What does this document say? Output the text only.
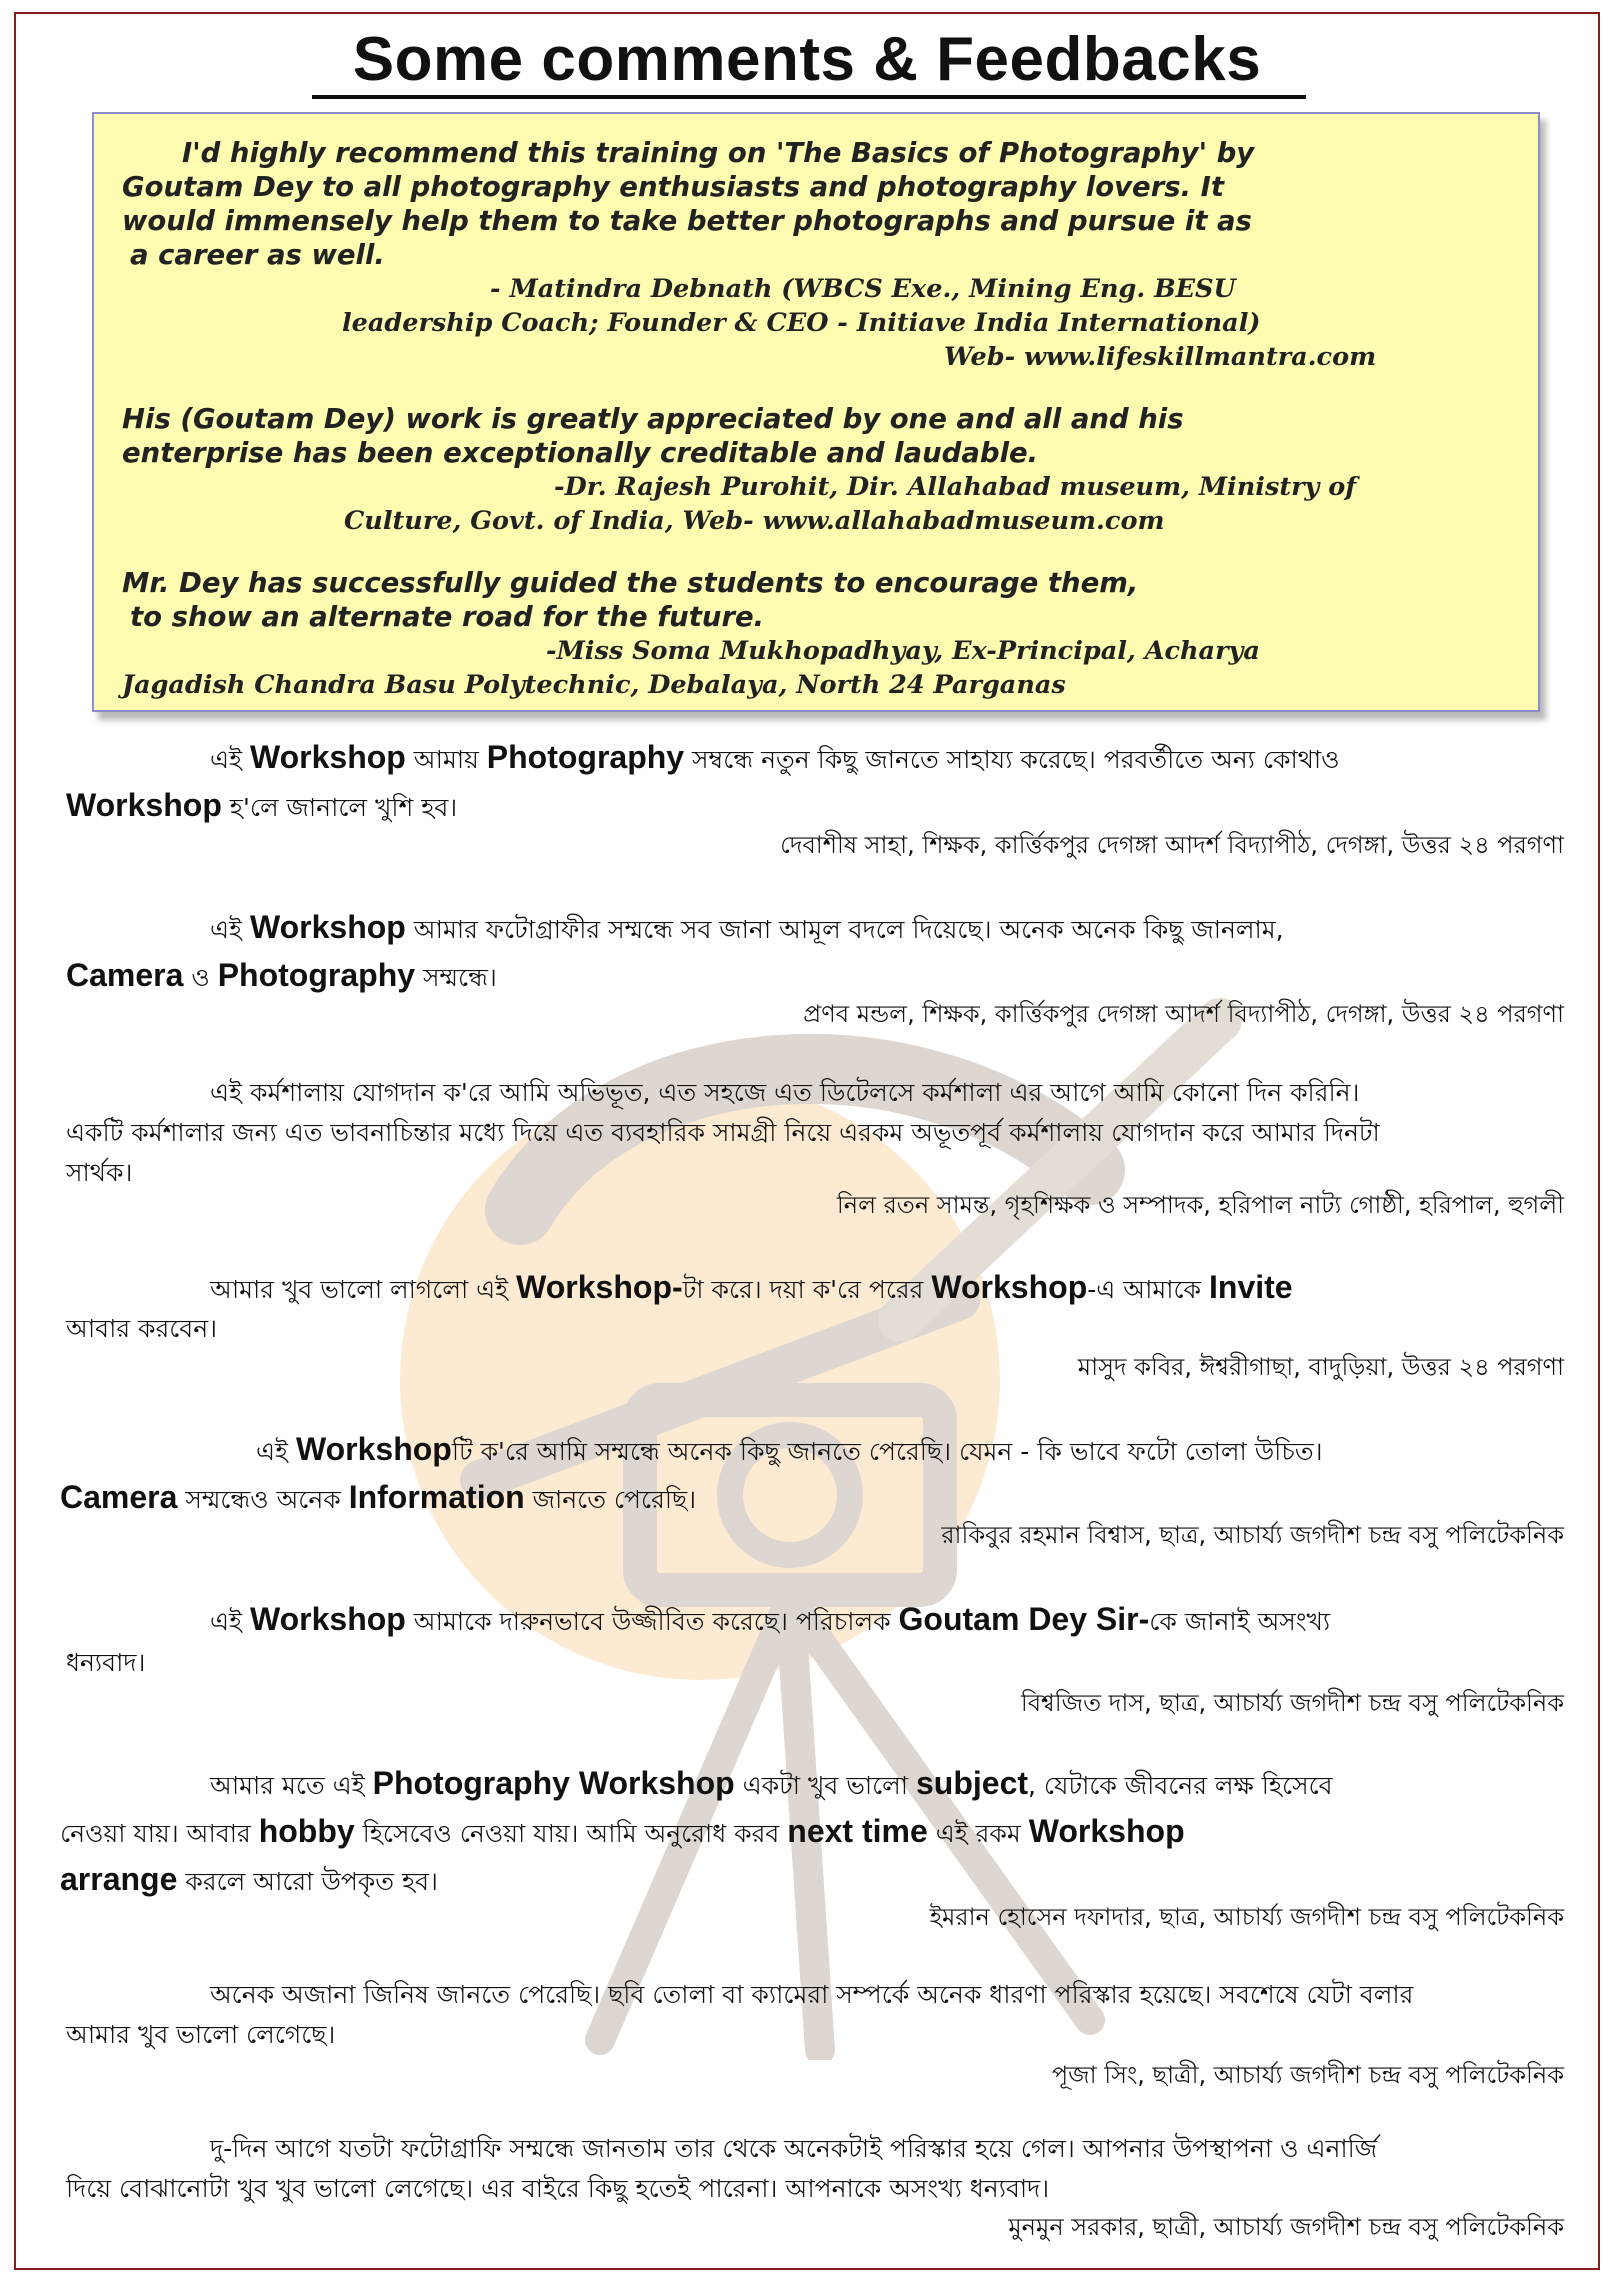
Some comments & Feedbacks
I'd highly recommend this training on 'The Basics of Photography' by
Goutam Dey to all photography enthusiasts and photography lovers. It
would immensely help them to take better photographs and pursue it as
a career as well.
- Matindra Debnath (WBCS Exe., Mining Eng. BESU
leadership Coach; Founder & CEO - Initiave India International)
Web- www.lifeskillmantra.com
His (Goutam Dey) work is greatly appreciated by one and all and his
enterprise has been exceptionally creditable and laudable.
-Dr. Rajesh Purohit, Dir. Allahabad museum, Ministry of
Culture, Govt. of India, Web- www.allahabadmuseum.com
Mr. Dey has successfully guided the students to encourage them,
to show an alternate road for the future.
-Miss Soma Mukhopadhyay, Ex-Principal, Acharya
Jagadish Chandra Basu Polytechnic, Debalaya, North 24 Parganas
এই Workshop আমায় Photography সম্বন্ধে নতুন কিছু জানতে সাহায্য করেছে। পরবর্তীতে অন্য কোথাও
Workshop হ'লে জানালে খুশি হব।
দেবাশীষ সাহা, শিক্ষক, কার্ত্তিকপুর দেগঙ্গা আদর্শ বিদ্যাপীঠ, দেগঙ্গা, উত্তর ২৪ পরগণা
এই Workshop আমার ফটোগ্রাফীর সম্মন্ধে সব জানা আমূল বদলে দিয়েছে। অনেক অনেক কিছু জানলাম,
Camera ও Photography সম্মন্ধে।
প্রণব মন্ডল, শিক্ষক, কার্ত্তিকপুর দেগঙ্গা আদর্শ বিদ্যাপীঠ, দেগঙ্গা, উত্তর ২৪ পরগণা
এই কর্মশালায় যোগদান ক'রে আমি অভিভূত, এত সহজে এত ডিটেলসে কর্মশালা এর আগে আমি কোনো দিন করিনি।
একটি কর্মশালার জন্য এত ভাবনাচিন্তার মধ্যে দিয়ে এত ব্যবহারিক সামগ্রী নিয়ে এরকম অভূতপূর্ব কর্মশালায় যোগদান করে আমার দিনটা
সার্থক।
নিল রতন সামন্ত, গৃহশিক্ষক ও সম্পাদক, হরিপাল নাট্য গোষ্ঠী, হরিপাল, হুগলী
আমার খুব ভালো লাগলো এই Workshop-টা করে। দয়া ক'রে পরের Workshop-এ আমাকে Invite
আবার করবেন।
মাসুদ কবির, ঈশ্বরীগাছা, বাদুড়িয়া, উত্তর ২৪ পরগণা
এই Workshopটি ক'রে আমি সম্মন্ধে অনেক কিছু জানতে পেরেছি। যেমন - কি ভাবে ফটো তোলা উচিত।
Camera সম্মন্ধেও অনেক Information জানতে পেরেছি।
রাকিবুর রহমান বিশ্বাস, ছাত্র, আচার্য্য জগদীশ চন্দ্র বসু পলিটেকনিক
এই Workshop আমাকে দারুনভাবে উজ্জীবিত করেছে। পরিচালক Goutam Dey Sir-কে জানাই অসংখ্য
ধন্যবাদ।
বিশ্বজিত দাস, ছাত্র, আচার্য্য জগদীশ চন্দ্র বসু পলিটেকনিক
আমার মতে এই Photography Workshop একটা খুব ভালো subject, যেটাকে জীবনের লক্ষ হিসেবে
নেওয়া যায়। আবার hobby হিসেবেও নেওয়া যায়। আমি অনুরোধ করব next time এই রকম Workshop
arrange করলে আরো উপকৃত হব।
ইমরান হোসেন দফাদার, ছাত্র, আচার্য্য জগদীশ চন্দ্র বসু পলিটেকনিক
অনেক অজানা জিনিষ জানতে পেরেছি। ছবি তোলা বা ক্যামেরা সম্পর্কে অনেক ধারণা পরিস্কার হয়েছে। সবশেষে যেটা বলার
আমার খুব ভালো লেগেছে।
পূজা সিং, ছাত্রী, আচার্য্য জগদীশ চন্দ্র বসু পলিটেকনিক
দু-দিন আগে যতটা ফটোগ্রাফি সম্মন্ধে জানতাম তার থেকে অনেকটাই পরিস্কার হয়ে গেল। আপনার উপস্থাপনা ও এনার্জি
দিয়ে বোঝানোটা খুব খুব ভালো লেগেছে। এর বাইরে কিছু হতেই পারেনা। আপনাকে অসংখ্য ধন্যবাদ।
মুনমুন সরকার, ছাত্রী, আচার্য্য জগদীশ চন্দ্র বসু পলিটেকনিক
